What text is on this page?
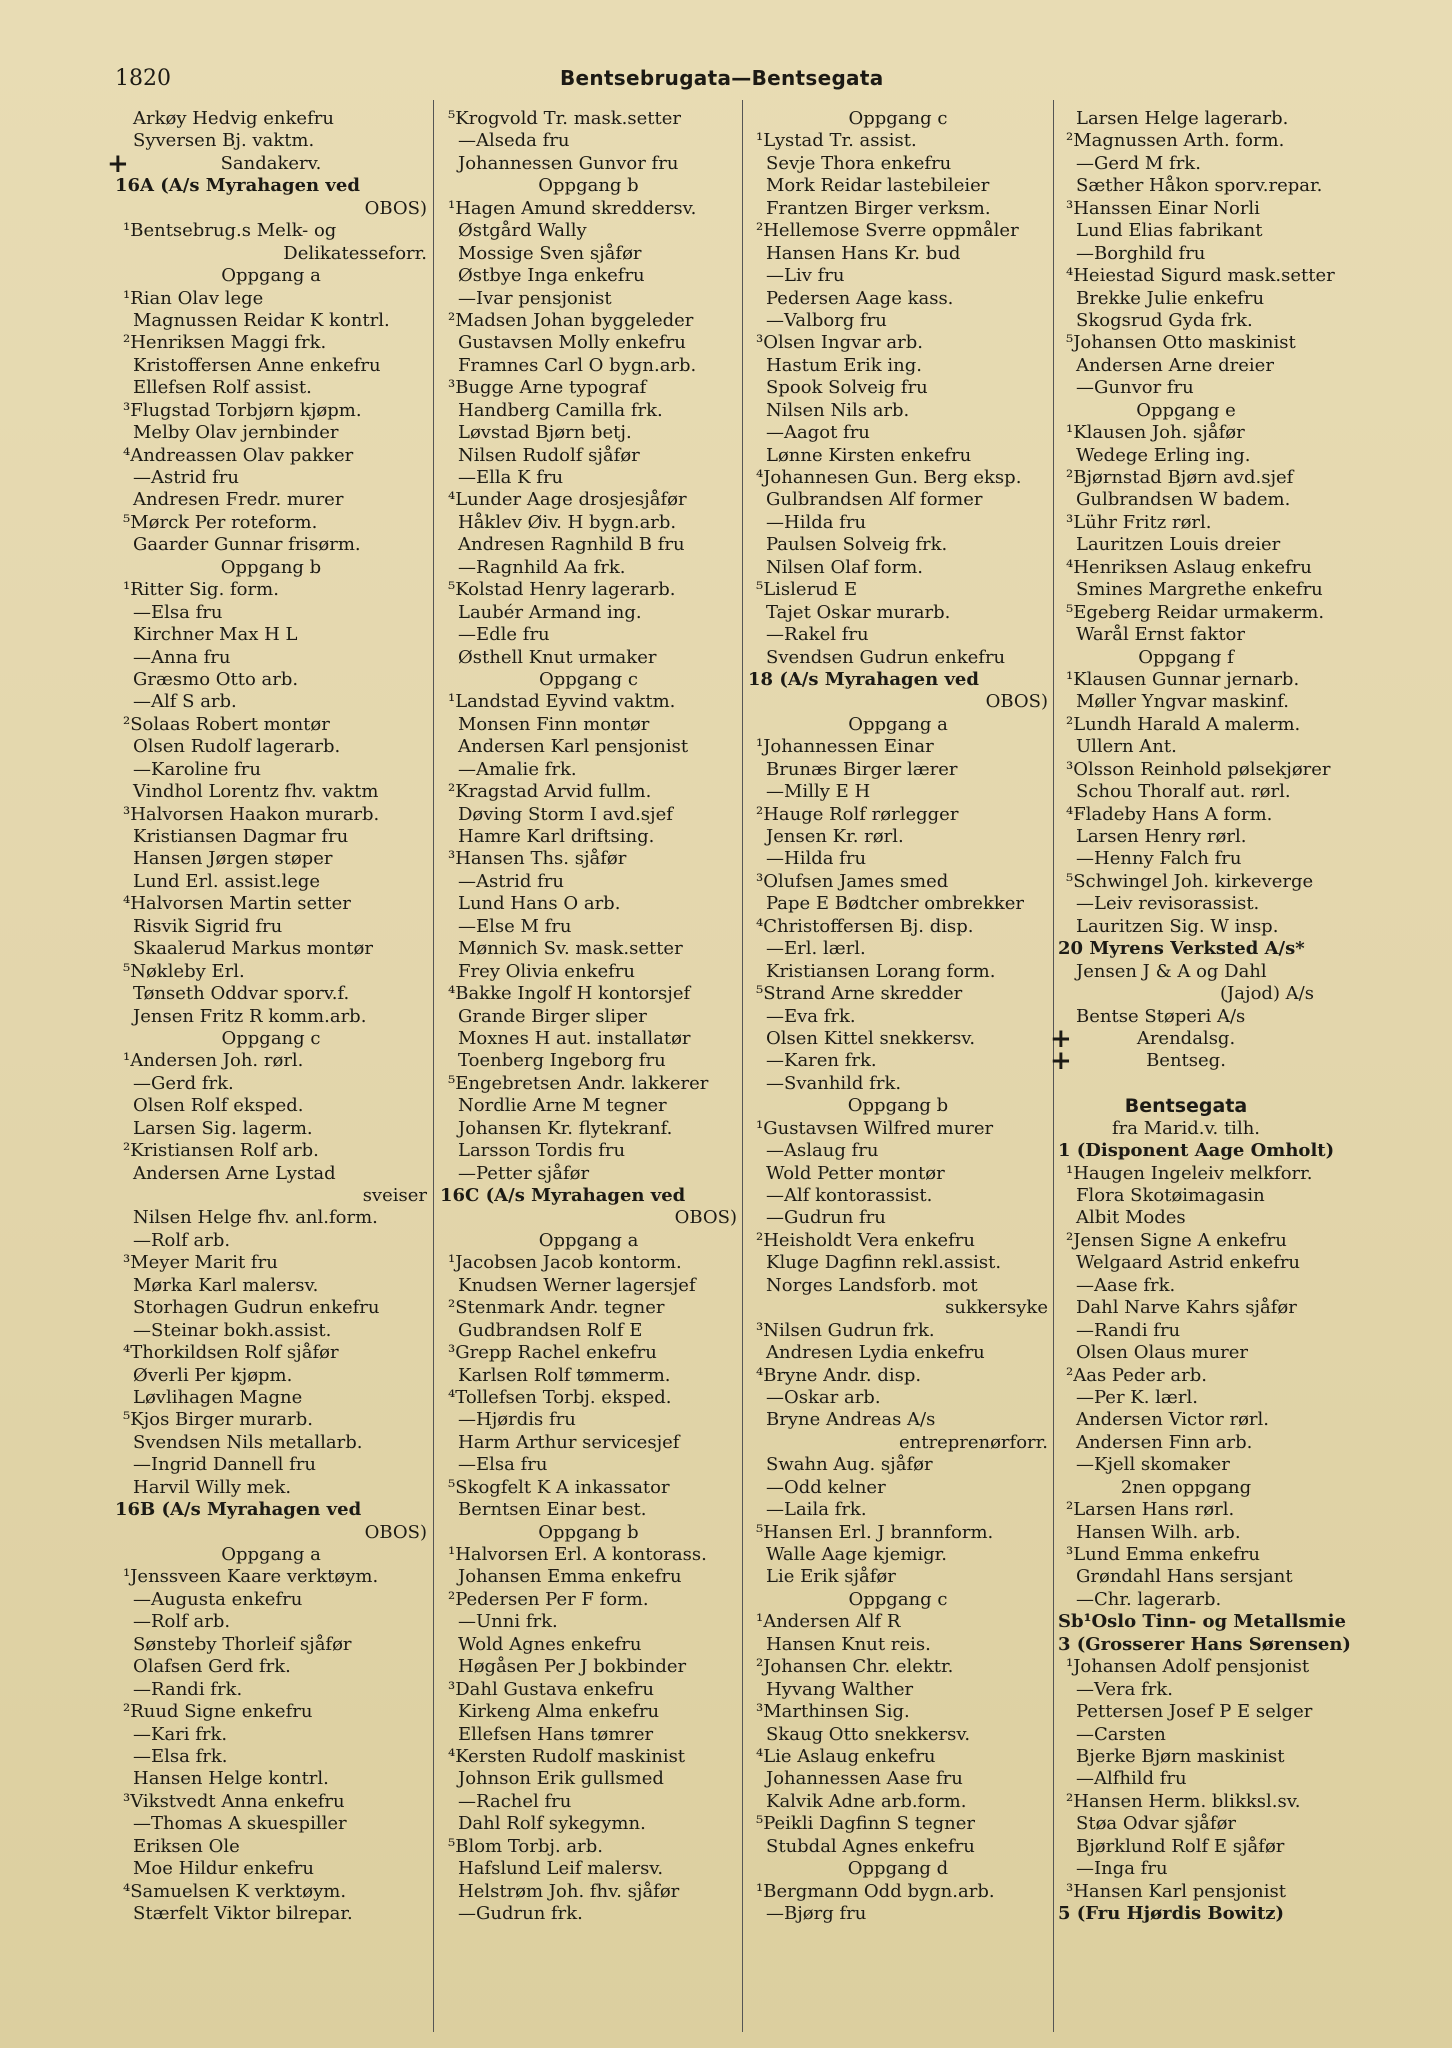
1820	Bentsebrugata—Bentsegata
Arkøy Hedvig enkefru
Syversen Bj. vaktm.
+	Sandakerv.
16A (A/s Myrahagen ved
OBOS)
¹Bentsebrug.s Melk- og
Delikatesseforr.
Oppgang a
¹Rian Olav lege
Magnussen Reidar K kontrl.
²Henriksen Maggi frk.
Kristoffersen Anne enkefru
Ellefsen Rolf assist.
³Flugstad Torbjørn kjøpm.
Melby Olav jernbinder
⁴Andreassen Olav pakker
—Astrid fru
Andresen Fredr. murer
⁵Mørck Per roteform.
Gaarder Gunnar frisørm.
Oppgang b
¹Ritter Sig. form.
—Elsa fru
Kirchner Max H L
—Anna fru
Græsmo Otto arb.
—Alf S arb.
²Solaas Robert montør
Olsen Rudolf lagerarb.
—Karoline fru
Vindhol Lorentz fhv. vaktm
³Halvorsen Haakon murarb.
Kristiansen Dagmar fru
Hansen Jørgen støper
Lund Erl. assist.lege
⁴Halvorsen Martin setter
Risvik Sigrid fru
Skaalerud Markus montør
⁵Nøkleby Erl.
Tønseth Oddvar sporv.f.
Jensen Fritz R komm.arb.
Oppgang c
¹Andersen Joh. rørl.
—Gerd frk.
Olsen Rolf eksped.
Larsen Sig. lagerm.
²Kristiansen Rolf arb.
Andersen Arne Lystad
sveiser
Nilsen Helge fhv. anl.form.
—Rolf arb.
³Meyer Marit fru
Mørka Karl malersv.
Storhagen Gudrun enkefru
—Steinar bokh.assist.
⁴Thorkildsen Rolf sjåfør
Øverli Per kjøpm.
Løvlihagen Magne
⁵Kjos Birger murarb.
Svendsen Nils metallarb.
—Ingrid Dannell fru
Harvil Willy mek.
16B (A/s Myrahagen ved
OBOS)
Oppgang a
¹Jenssveen Kaare verktøym.
—Augusta enkefru
—Rolf arb.
Sønsteby Thorleif sjåfør
Olafsen Gerd frk.
—Randi frk.
²Ruud Signe enkefru
—Kari frk.
—Elsa frk.
Hansen Helge kontrl.
³Vikstvedt Anna enkefru
—Thomas A skuespiller
Eriksen Ole
Moe Hildur enkefru
⁴Samuelsen K verktøym.
Stærfelt Viktor bilrepar.
⁵Krogvold Tr. mask.setter
—Alseda fru
Johannessen Gunvor fru
Oppgang b
¹Hagen Amund skreddersv.
Østgård Wally
Mossige Sven sjåfør
Østbye Inga enkefru
—Ivar pensjonist
²Madsen Johan byggeleder
Gustavsen Molly enkefru
Framnes Carl O bygn.arb.
³Bugge Arne typograf
Handberg Camilla frk.
Løvstad Bjørn betj.
Nilsen Rudolf sjåfør
—Ella K fru
⁴Lunder Aage drosjesjåfør
Håklev Øiv. H bygn.arb.
Andresen Ragnhild B fru
—Ragnhild Aa frk.
⁵Kolstad Henry lagerarb.
Laubér Armand ing.
—Edle fru
Østhell Knut urmaker
Oppgang c
¹Landstad Eyvind vaktm.
Monsen Finn montør
Andersen Karl pensjonist
—Amalie frk.
²Kragstad Arvid fullm.
Døving Storm I avd.sjef
Hamre Karl driftsing.
³Hansen Ths. sjåfør
—Astrid fru
Lund Hans O arb.
—Else M fru
Mønnich Sv. mask.setter
Frey Olivia enkefru
⁴Bakke Ingolf H kontorsjef
Grande Birger sliper
Moxnes H aut. installatør
Toenberg Ingeborg fru
⁵Engebretsen Andr. lakkerer
Nordlie Arne M tegner
Johansen Kr. flytekranf.
Larsson Tordis fru
—Petter sjåfør
16C (A/s Myrahagen ved
OBOS)
Oppgang a
¹Jacobsen Jacob kontorm.
Knudsen Werner lagersjef
²Stenmark Andr. tegner
Gudbrandsen Rolf E
³Grepp Rachel enkefru
Karlsen Rolf tømmerm.
⁴Tollefsen Torbj. eksped.
—Hjørdis fru
Harm Arthur servicesjef
—Elsa fru
⁵Skogfelt K A inkassator
Berntsen Einar best.
Oppgang b
¹Halvorsen Erl. A kontorass.
Johansen Emma enkefru
²Pedersen Per F form.
—Unni frk.
Wold Agnes enkefru
Høgåsen Per J bokbinder
³Dahl Gustava enkefru
Kirkeng Alma enkefru
Ellefsen Hans tømrer
⁴Kersten Rudolf maskinist
Johnson Erik gullsmed
—Rachel fru
Dahl Rolf sykegymn.
⁵Blom Torbj. arb.
Hafslund Leif malersv.
Helstrøm Joh. fhv. sjåfør
—Gudrun frk.
Oppgang c
¹Lystad Tr. assist.
Sevje Thora enkefru
Mork Reidar lastebileier
Frantzen Birger verksm.
²Hellemose Sverre oppmåler
Hansen Hans Kr. bud
—Liv fru
Pedersen Aage kass.
—Valborg fru
³Olsen Ingvar arb.
Hastum Erik ing.
Spook Solveig fru
Nilsen Nils arb.
—Aagot fru
Lønne Kirsten enkefru
⁴Johannesen Gun. Berg eksp.
Gulbrandsen Alf former
—Hilda fru
Paulsen Solveig frk.
Nilsen Olaf form.
⁵Lislerud E
Tajet Oskar murarb.
—Rakel fru
Svendsen Gudrun enkefru
18 (A/s Myrahagen ved
OBOS)
Oppgang a
¹Johannessen Einar
Brunæs Birger lærer
—Milly E H
²Hauge Rolf rørlegger
Jensen Kr. rørl.
—Hilda fru
³Olufsen James smed
Pape E Bødtcher ombrekker
⁴Christoffersen Bj. disp.
—Erl. lærl.
Kristiansen Lorang form.
⁵Strand Arne skredder
—Eva frk.
Olsen Kittel snekkersv.
—Karen frk.
—Svanhild frk.
Oppgang b
¹Gustavsen Wilfred murer
—Aslaug fru
Wold Petter montør
—Alf kontorassist.
—Gudrun fru
²Heisholdt Vera enkefru
Kluge Dagfinn rekl.assist.
Norges Landsforb. mot
sukkersyke
³Nilsen Gudrun frk.
Andresen Lydia enkefru
⁴Bryne Andr. disp.
—Oskar arb.
Bryne Andreas A/s
entreprenørforr.
Swahn Aug. sjåfør
—Odd kelner
—Laila frk.
⁵Hansen Erl. J brannform.
Walle Aage kjemigr.
Lie Erik sjåfør
Oppgang c
¹Andersen Alf R
Hansen Knut reis.
²Johansen Chr. elektr.
Hyvang Walther
³Marthinsen Sig.
Skaug Otto snekkersv.
⁴Lie Aslaug enkefru
Johannessen Aase fru
Kalvik Adne arb.form.
⁵Peikli Dagfinn S tegner
Stubdal Agnes enkefru
Oppgang d
¹Bergmann Odd bygn.arb.
—Bjørg fru
Larsen Helge lagerarb.
²Magnussen Arth. form.
—Gerd M frk.
Sæther Håkon sporv.repar.
³Hanssen Einar Norli
Lund Elias fabrikant
—Borghild fru
⁴Heiestad Sigurd mask.setter
Brekke Julie enkefru
Skogsrud Gyda frk.
⁵Johansen Otto maskinist
Andersen Arne dreier
—Gunvor fru
Oppgang e
¹Klausen Joh. sjåfør
Wedege Erling ing.
²Bjørnstad Bjørn avd.sjef
Gulbrandsen W badem.
³Lühr Fritz rørl.
Lauritzen Louis dreier
⁴Henriksen Aslaug enkefru
Smines Margrethe enkefru
⁵Egeberg Reidar urmakerm.
Warål Ernst faktor
Oppgang f
¹Klausen Gunnar jernarb.
Møller Yngvar maskinf.
²Lundh Harald A malerm.
Ullern Ant.
³Olsson Reinhold pølsekjører
Schou Thoralf aut. rørl.
⁴Fladeby Hans A form.
Larsen Henry rørl.
—Henny Falch fru
⁵Schwingel Joh. kirkeverge
—Leiv revisorassist.
Lauritzen Sig. W insp.
20 Myrens Verksted A/s*
Jensen J & A og Dahl
(Jajod) A/s
Bentse Støperi A/s
+	Arendalsg.
+	Bentseg.
Bentsegata
fra Marid.v. tilh.
1 (Disponent Aage Omholt)
¹Haugen Ingeleiv melkforr.
Flora Skotøimagasin
Albit Modes
²Jensen Signe A enkefru
Welgaard Astrid enkefru
—Aase frk.
Dahl Narve Kahrs sjåfør
—Randi fru
Olsen Olaus murer
²Aas Peder arb.
—Per K. lærl.
Andersen Victor rørl.
Andersen Finn arb.
—Kjell skomaker
2nen oppgang
²Larsen Hans rørl.
Hansen Wilh. arb.
³Lund Emma enkefru
Grøndahl Hans sersjant
—Chr. lagerarb.
Sb¹Oslo Tinn- og Metallsmie
3 (Grosserer Hans Sørensen)
¹Johansen Adolf pensjonist
—Vera frk.
Pettersen Josef P E selger
—Carsten
Bjerke Bjørn maskinist
—Alfhild fru
²Hansen Herm. blikksl.sv.
Støa Odvar sjåfør
Bjørklund Rolf E sjåfør
—Inga fru
³Hansen Karl pensjonist
5 (Fru Hjørdis Bowitz)
